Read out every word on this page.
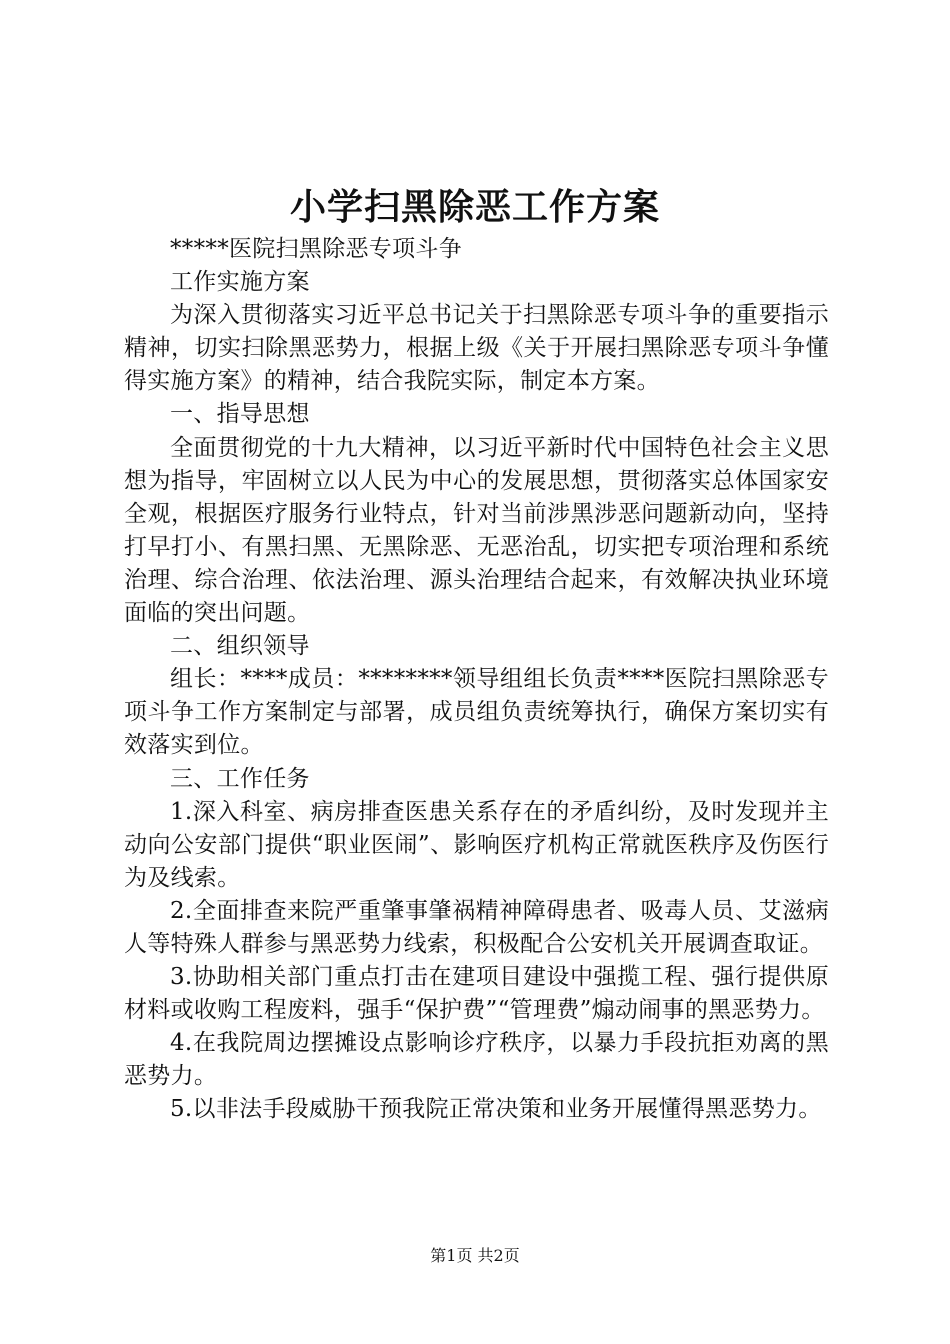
小学扫黑除恶工作方案

*****医院扫黑除恶专项斗争

工作实施方案

为深入贯彻落实习近平总书记关于扫黑除恶专项斗争的重要指示精神，切实扫除黑恶势力，根据上级《关于开展扫黑除恶专项斗争懂得实施方案》的精神，结合我院实际，制定本方案。

一、指导思想

全面贯彻党的十九大精神，以习近平新时代中国特色社会主义思想为指导，牢固树立以人民为中心的发展思想，贯彻落实总体国家安全观，根据医疗服务行业特点，针对当前涉黑涉恶问题新动向，坚持打早打小、有黑扫黑、无黑除恶、无恶治乱，切实把专项治理和系统治理、综合治理、依法治理、源头治理结合起来，有效解决执业环境面临的突出问题。

二、组织领导

组长：****成员：********领导组组长负责****医院扫黑除恶专项斗争工作方案制定与部署，成员组负责统筹执行，确保方案切实有效落实到位。

三、工作任务

1.深入科室、病房排查医患关系存在的矛盾纠纷，及时发现并主动向公安部门提供“职业医闹”、影响医疗机构正常就医秩序及伤医行为及线索。

2.全面排查来院严重肇事肇祸精神障碍患者、吸毒人员、艾滋病人等特殊人群参与黑恶势力线索，积极配合公安机关开展调查取证。

3.协助相关部门重点打击在建项目建设中强揽工程、强行提供原材料或收购工程废料，强手“保护费”“管理费”煽动闹事的黑恶势力。

4.在我院周边摆摊设点影响诊疗秩序，以暴力手段抗拒劝离的黑恶势力。

5.以非法手段威胁干预我院正常决策和业务开展懂得黑恶势力。

第1页 共2页
